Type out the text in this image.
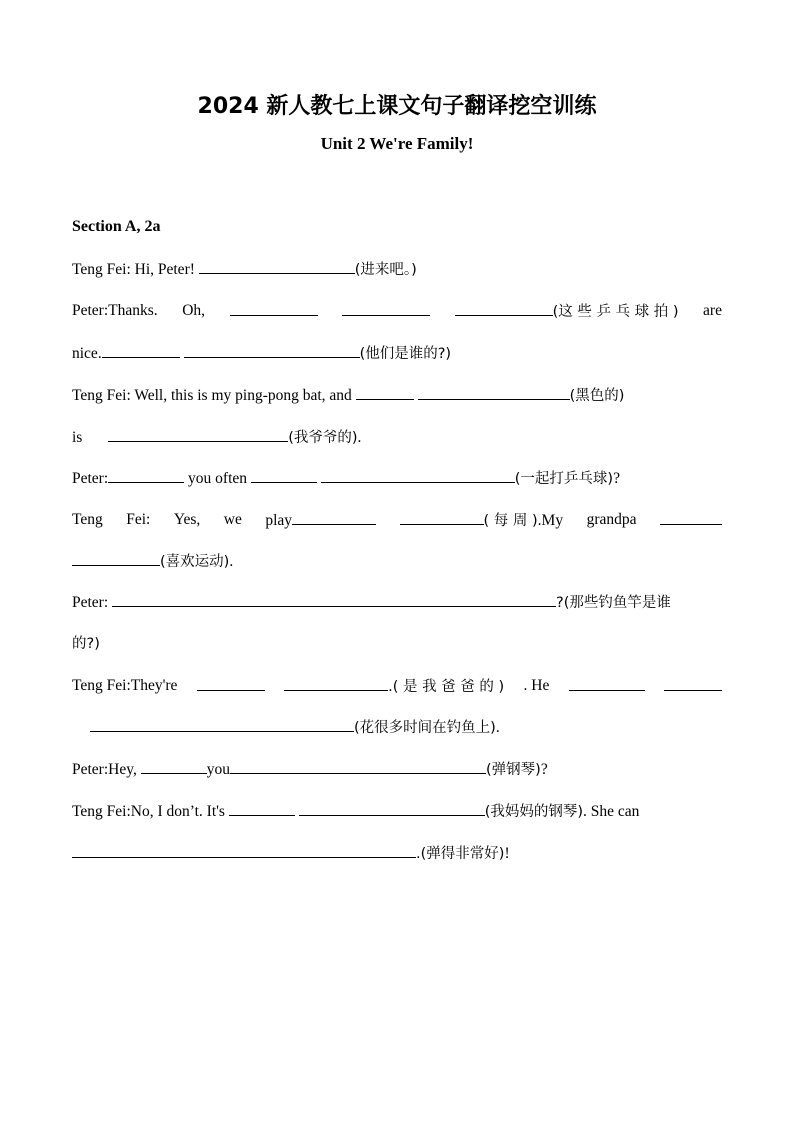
2024 新人教七上课文句子翻译挖空训练
Unit 2 We're Family!
Section A, 2a
Teng Fei: Hi, Peter!	(进来吧。)
Peter:Thanks. Oh,	(这 些 乒 乓 球 拍 ) are
nice.	(他们是谁的?)
Teng Fei: Well, this is my ping-pong bat, and	(黑色的)
is	(我爷爷的).
Peter:	you often	(一起打乒乓球)?
Teng Fei: Yes, we play	( 每 周 ).My grandpa
(喜欢运动).
Peter:	?(那些钓鱼竿是谁
的?)
Teng Fei:They're	.( 是 我 爸 爸 的 ) . He
(花很多时间在钓鱼上).
Peter:Hey,	you	(弹钢琴)?
Teng Fei:No, I don’t. It's	(我妈妈的钢琴). She can
.(弹得非常好)!
